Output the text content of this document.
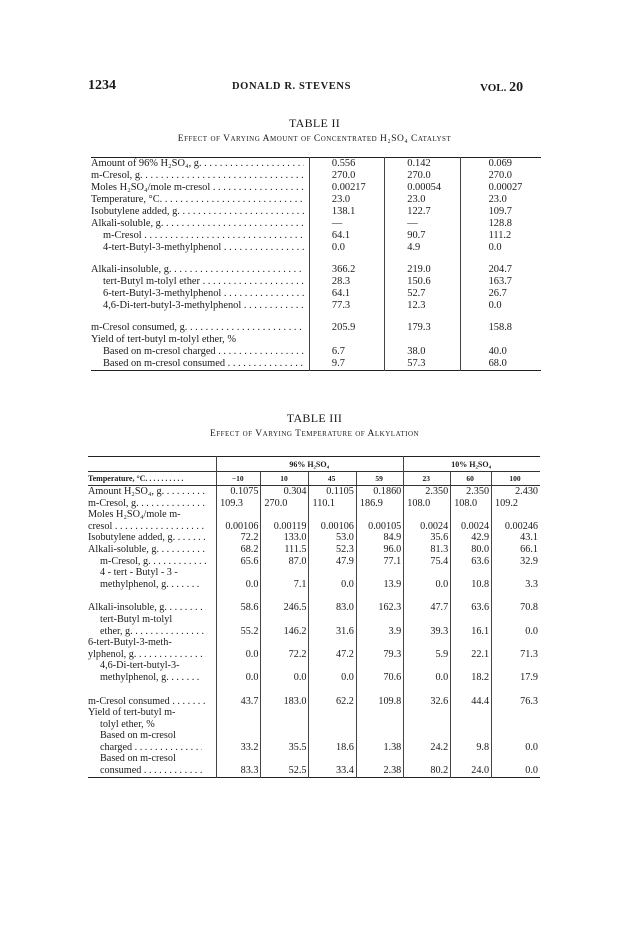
1234	DONALD R. STEVENS	VOL. 20
TABLE II
Effect of Varying Amount of Concentrated H₂SO₄ Catalyst
Amount of 96% H₂SO₄, g. . . .	0.556	0.142	0.069

m-Cresol, g. . . .	270.0	270.0	270.0

Moles H₂SO₄/mole m-cresol . . .	0.00217	0.00054	0.00027

Temperature, °C. . . .	23.0	23.0	23.0

Isobutylene added, g. . . .	138.1	122.7	109.7

Alkali-soluble, g. . . .	—	—	128.8

m-Cresol . . .	64.1	90.7	111.2

4-tert-Butyl-3-methylphenol . . .	0.0	4.9	0.0

Alkali-insoluble, g. . . .	366.2	219.0	204.7

tert-Butyl m-tolyl ether . . .	28.3	150.6	163.7

6-tert-Butyl-3-methylphenol . . .	64.1	52.7	26.7

4,6-Di-tert-butyl-3-methylphenol . . .	77.3	12.3	0.0

m-Cresol consumed, g. . . .	205.9	179.3	158.8

Yield of tert-butyl m-tolyl ether, %			

Based on m-cresol charged . . .	6.7	38.0	40.0

Based on m-cresol consumed . . .	9.7	57.3	68.0
TABLE III
Effect of Varying Temperature of Alkylation
	96% H₂SO₄				10% H₂SO₄		
Temperature, °C. . . . . . . . . .	−10	10	45	59	23	60	100

Amount H₂SO₄, g. . . .	0.1075	0.304	0.1105	0.1860	2.350	2.350	2.430

m-Cresol, g. . . .	109.3	270.0	110.1	186.9	108.0	108.0	109.2

Moles H₂SO₄/mole m-							

cresol . . .	0.00106	0.00119	0.00106	0.00105	0.0024	0.0024	0.00246

Isobutylene added, g. . . .	72.2	133.0	53.0	84.9	35.6	42.9	43.1

Alkali-soluble, g. . . .	68.2	111.5	52.3	96.0	81.3	80.0	66.1

m-Cresol, g. . . .	65.6	87.0	47.9	77.1	75.4	63.6	32.9

4 - tert - Butyl - 3 -							

methylphenol, g. . . .	0.0	7.1	0.0	13.9	0.0	10.8	3.3

Alkali-insoluble, g. . . .	58.6	246.5	83.0	162.3	47.7	63.6	70.8

tert-Butyl m-tolyl							

ether, g. . . .	55.2	146.2	31.6	3.9	39.3	16.1	0.0

6-tert-Butyl-3-meth-							

ylphenol, g. . . .	0.0	72.2	47.2	79.3	5.9	22.1	71.3

4,6-Di-tert-butyl-3-							

methylphenol, g. . . .	0.0	0.0	0.0	70.6	0.0	18.2	17.9

m-Cresol consumed . . .	43.7	183.0	62.2	109.8	32.6	44.4	76.3

Yield of tert-butyl m-							

tolyl ether, %							

Based on m-cresol							

charged . . .	33.2	35.5	18.6	1.38	24.2	9.8	0.0

Based on m-cresol							

consumed . . .	83.3	52.5	33.4	2.38	80.2	24.0	0.0
